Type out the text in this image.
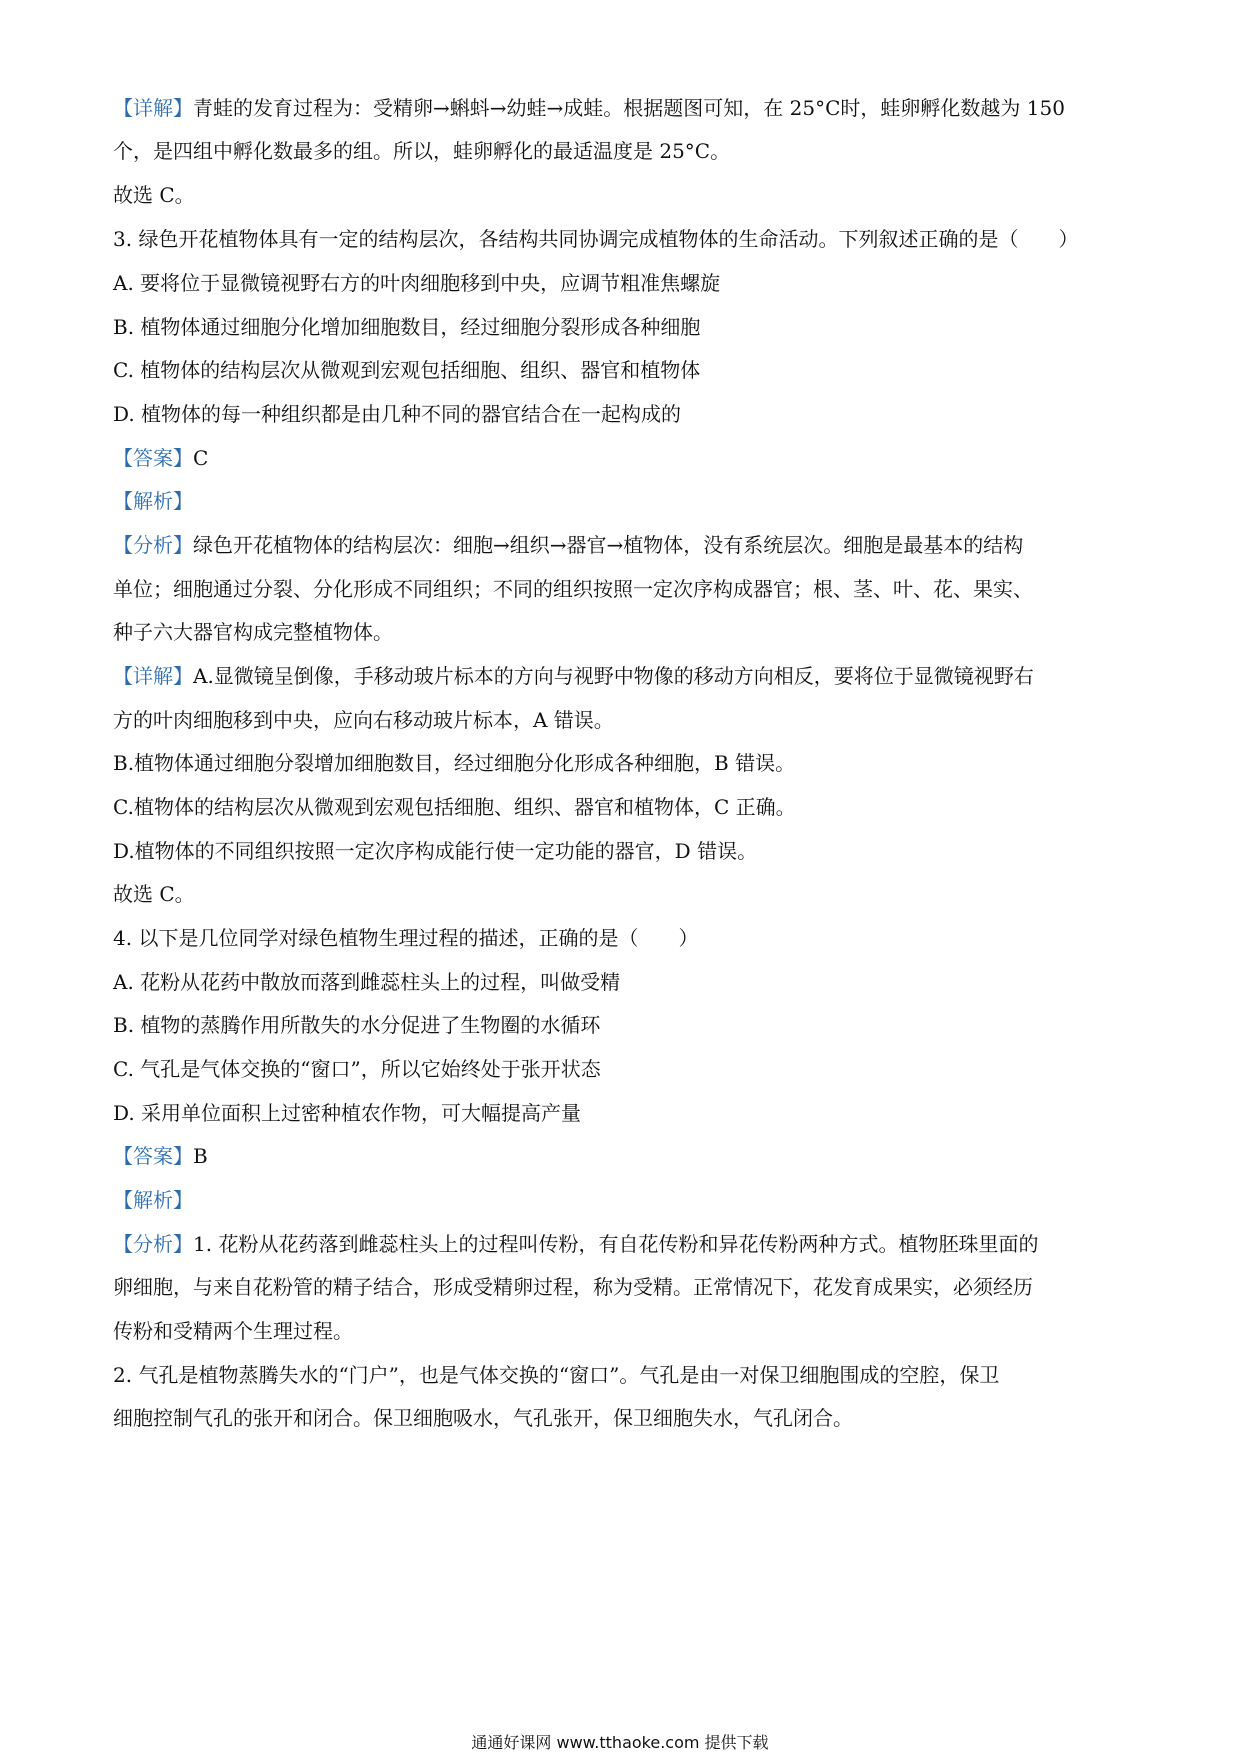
【详解】青蛙的发育过程为：受精卵→蝌蚪→幼蛙→成蛙。根据题图可知，在 25°C时，蛙卵孵化数越为 150
个，是四组中孵化数最多的组。所以，蛙卵孵化的最适温度是 25°C。
故选 C。
3. 绿色开花植物体具有一定的结构层次，各结构共同协调完成植物体的生命活动。下列叙述正确的是（　　）
A. 要将位于显微镜视野右方的叶肉细胞移到中央，应调节粗准焦螺旋
B. 植物体通过细胞分化增加细胞数目，经过细胞分裂形成各种细胞
C. 植物体的结构层次从微观到宏观包括细胞、组织、器官和植物体
D. 植物体的每一种组织都是由几种不同的器官结合在一起构成的
【答案】C
【解析】
【分析】绿色开花植物体的结构层次：细胞→组织→器官→植物体，没有系统层次。细胞是最基本的结构
单位；细胞通过分裂、分化形成不同组织；不同的组织按照一定次序构成器官；根、茎、叶、花、果实、
种子六大器官构成完整植物体。
【详解】A.显微镜呈倒像，手移动玻片标本的方向与视野中物像的移动方向相反，要将位于显微镜视野右
方的叶肉细胞移到中央，应向右移动玻片标本，A 错误。
B.植物体通过细胞分裂增加细胞数目，经过细胞分化形成各种细胞，B 错误。
C.植物体的结构层次从微观到宏观包括细胞、组织、器官和植物体，C 正确。
D.植物体的不同组织按照一定次序构成能行使一定功能的器官，D 错误。
故选 C。
4. 以下是几位同学对绿色植物生理过程的描述，正确的是（　　）
A. 花粉从花药中散放而落到雌蕊柱头上的过程，叫做受精
B. 植物的蒸腾作用所散失的水分促进了生物圈的水循环
C. 气孔是气体交换的“窗口”，所以它始终处于张开状态
D. 采用单位面积上过密种植农作物，可大幅提高产量
【答案】B
【解析】
【分析】1. 花粉从花药落到雌蕊柱头上的过程叫传粉，有自花传粉和异花传粉两种方式。植物胚珠里面的
卵细胞，与来自花粉管的精子结合，形成受精卵过程，称为受精。正常情况下，花发育成果实，必须经历
传粉和受精两个生理过程。
2. 气孔是植物蒸腾失水的“门户”，也是气体交换的“窗口”。气孔是由一对保卫细胞围成的空腔，保卫
细胞控制气孔的张开和闭合。保卫细胞吸水，气孔张开，保卫细胞失水，气孔闭合。
通通好课网 www.tthaoke.com 提供下载
